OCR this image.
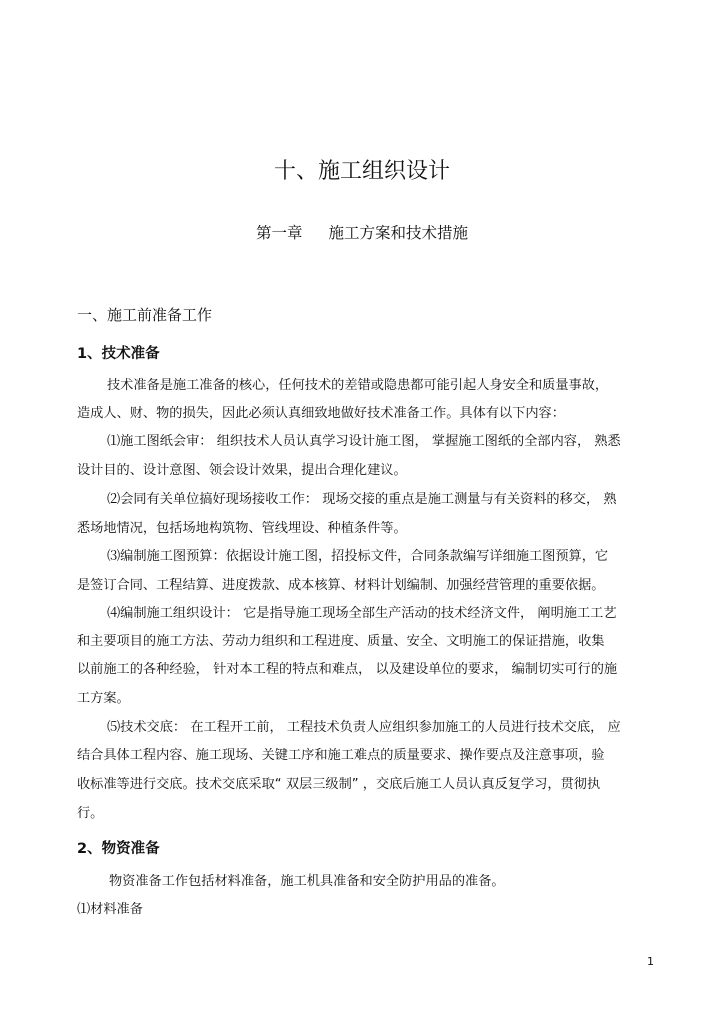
十、施工组织设计
第一章 施工方案和技术措施
一、施工前准备工作
1、技术准备
技术准备是施工准备的核心，任何技术的差错或隐患都可能引起人身安全和质量事故，
造成人、财、物的损失，因此必须认真细致地做好技术准备工作。具体有以下内容：
⑴施工图纸会审： 组织技术人员认真学习设计施工图， 掌握施工图纸的全部内容， 熟悉
设计目的、设计意图、领会设计效果，提出合理化建议。
⑵会同有关单位搞好现场接收工作： 现场交接的重点是施工测量与有关资料的移交， 熟
悉场地情况，包括场地构筑物、管线埋设、种植条件等。
⑶编制施工图预算：依据设计施工图，招投标文件，合同条款编写详细施工图预算，它
是签订合同、工程结算、进度拨款、成本核算、材料计划编制、加强经营管理的重要依据。
⑷编制施工组织设计： 它是指导施工现场全部生产活动的技术经济文件， 阐明施工工艺
和主要项目的施工方法、劳动力组织和工程进度、质量、安全、文明施工的保证措施，收集
以前施工的各种经验， 针对本工程的特点和难点， 以及建设单位的要求， 编制切实可行的施
工方案。
⑸技术交底： 在工程开工前， 工程技术负责人应组织参加施工的人员进行技术交底， 应
结合具体工程内容、施工现场、关键工序和施工难点的质量要求、操作要点及注意事项，验
收标准等进行交底。技术交底采取“ 双层三级制” ，交底后施工人员认真反复学习，贯彻执
行。
2、物资准备
物资准备工作包括材料准备，施工机具准备和安全防护用品的准备。
⑴材料准备
1
